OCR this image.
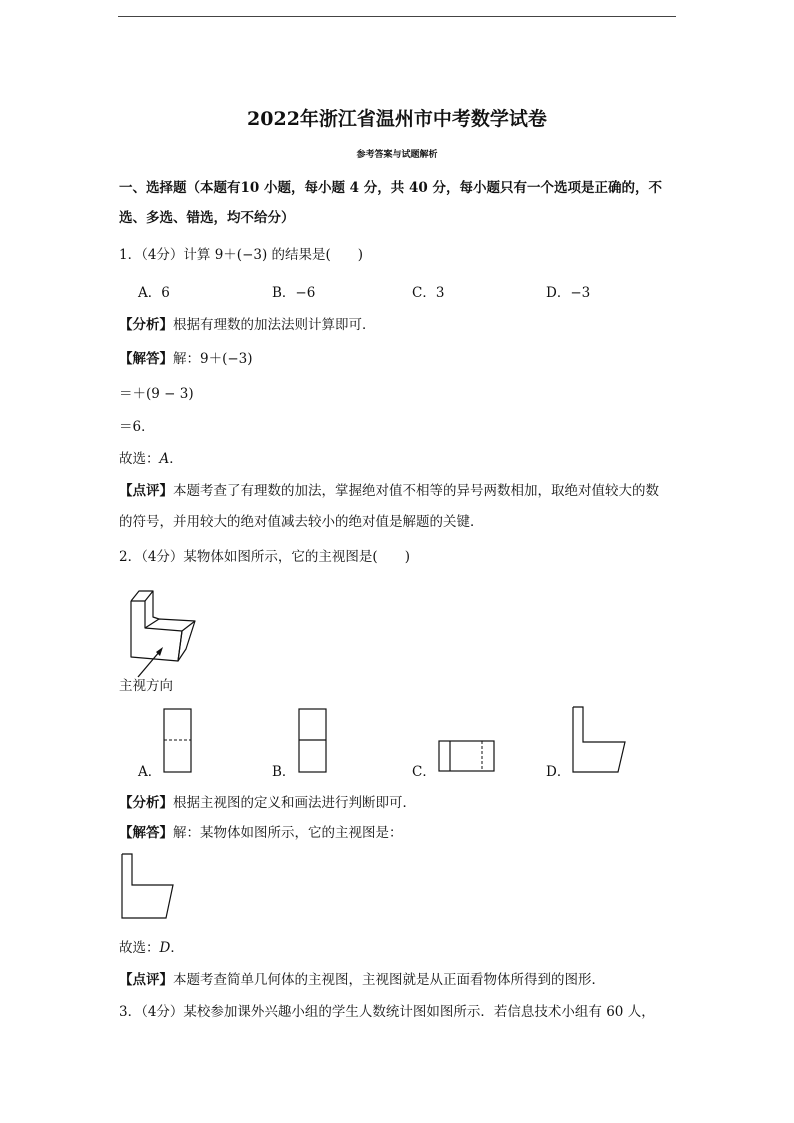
2022年浙江省温州市中考数学试卷
参考答案与试题解析
一、选择题（本题有10 小题，每小题 4 分，共 40 分，每小题只有一个选项是正确的，不
选、多选、错选，均不给分）
1．（4分）计算 9＋(−3) 的结果是(　　)
A．6	B．−6	C．3	D．−3
【分析】根据有理数的加法法则计算即可．
【解答】解：9＋(−3)
＝＋(9 − 3)
＝6．
故选：A．
【点评】本题考查了有理数的加法，掌握绝对值不相等的异号两数相加，取绝对值较大的数
的符号，并用较大的绝对值减去较小的绝对值是解题的关键．
2．（4分）某物体如图所示，它的主视图是(　　)
主视方向
A．	B．	C．	D．
【分析】根据主视图的定义和画法进行判断即可．
【解答】解：某物体如图所示，它的主视图是：
故选：D．
【点评】本题考查简单几何体的主视图，主视图就是从正面看物体所得到的图形．
3．（4分）某校参加课外兴趣小组的学生人数统计图如图所示．若信息技术小组有 60 人，
